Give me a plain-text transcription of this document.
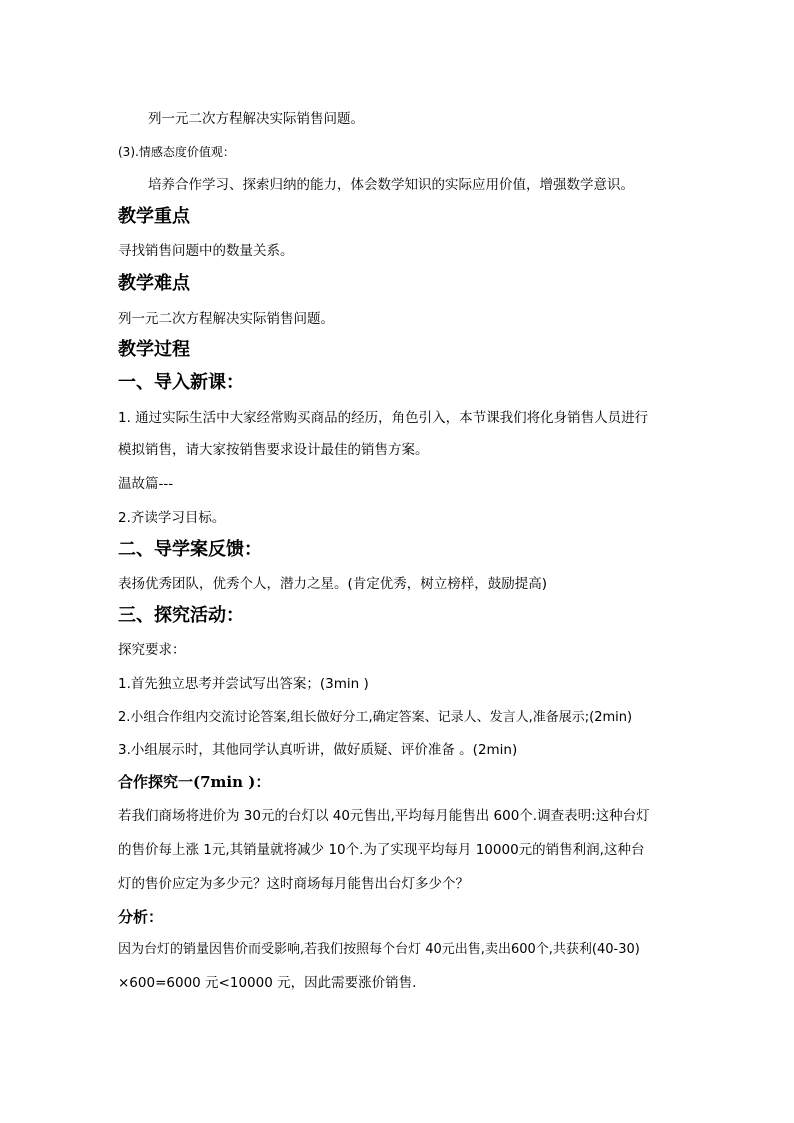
列一元二次方程解决实际销售问题。
(3).情感态度价值观：
培养合作学习、探索归纳的能力，体会数学知识的实际应用价值，增强数学意识。
教学重点
寻找销售问题中的数量关系。
教学难点
列一元二次方程解决实际销售问题。
教学过程
一、导入新课：
1. 通过实际生活中大家经常购买商品的经历，角色引入，本节课我们将化身销售人员进行
模拟销售，请大家按销售要求设计最佳的销售方案。
温故篇---
2.齐读学习目标。
二、导学案反馈：
表扬优秀团队，优秀个人，潜力之星。(肯定优秀，树立榜样，鼓励提高)
三、探究活动：
探究要求：
1.首先独立思考并尝试写出答案；(3min )
2.小组合作组内交流讨论答案,组长做好分工,确定答案、记录人、发言人,准备展示;(2min)
3.小组展示时，其他同学认真听讲，做好质疑、评价准备 。(2min)
合作探究一(7min )：
若我们商场将进价为 30元的台灯以 40元售出,平均每月能售出 600个.调查表明:这种台灯
的售价每上涨 1元,其销量就将减少 10个.为了实现平均每月 10000元的销售利润,这种台
灯的售价应定为多少元？这时商场每月能售出台灯多少个？
分析：
因为台灯的销量因售价而受影响,若我们按照每个台灯 40元出售,卖出600个,共获利(40-30)
×600=6000 元<10000 元，因此需要涨价销售.
